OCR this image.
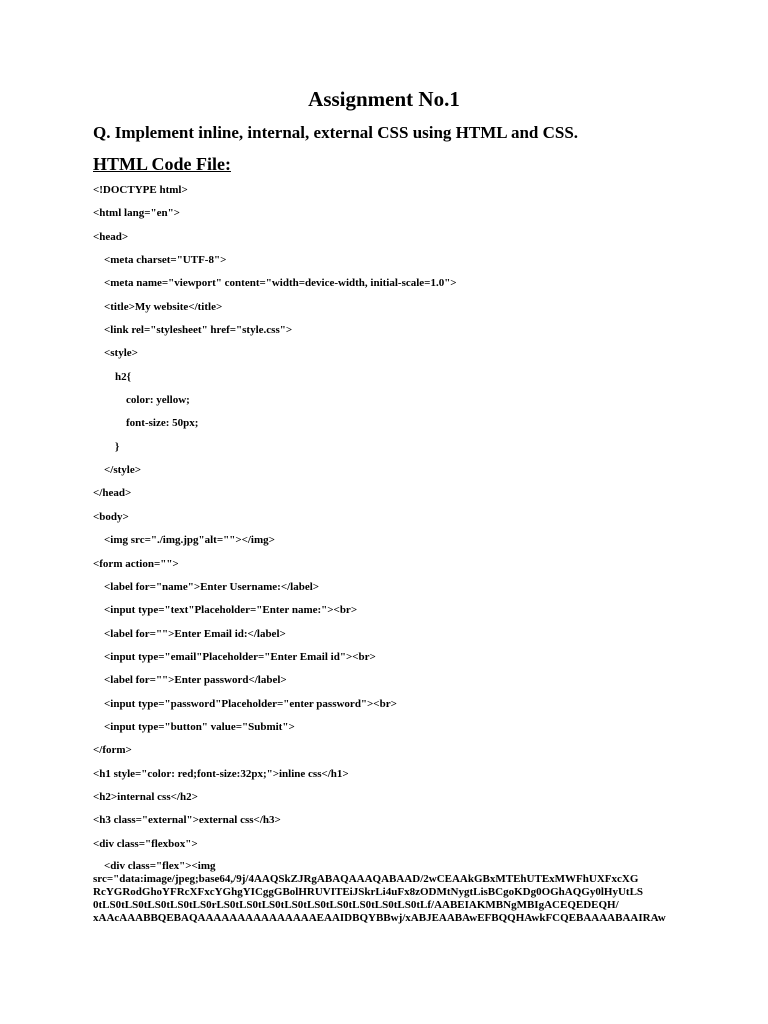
Assignment No.1
Q. Implement inline, internal, external CSS using HTML and CSS.
HTML Code File:
<!DOCTYPE html>
<html lang="en">
<head>
<meta charset="UTF-8">
<meta name="viewport" content="width=device-width, initial-scale=1.0">
<title>My website</title>
<link rel="stylesheet" href="style.css">
<style>
h2{
color: yellow;
font-size: 50px;
}
</style>
</head>
<body>
<img src="./img.jpg"alt=""></img>
<form action="">
<label for="name">Enter Username:</label>
<input type="text"Placeholder="Enter name:"><br>
<label for="">Enter Email id:</label>
<input type="email"Placeholder="Enter Email id"><br>
<label for="">Enter password</label>
<input type="password"Placeholder="enter password"><br>
<input type="button" value="Submit">
</form>
<h1 style="color: red;font-size:32px;">inline css</h1>
<h2>internal css</h2>
<h3 class="external">external css</h3>
<div class="flexbox">
<div class="flex"><img
src="data:image/jpeg;base64,/9j/4AAQSkZJRgABAQAAAQABAAD/2wCEAAkGBxMTEhUTExMWFhUXFxcXG
RcYGRodGhoYFRcXFxcYGhgYICggGBolHRUVITEiJSkrLi4uFx8zODMtNygtLisBCgoKDg0OGhAQGy0lHyUtLS
0tLS0tLS0tLS0tLS0tLS0rLS0tLS0tLS0tLS0tLS0tLS0tLS0tLS0tLS0tLf/AABEIAKMBNgMBIgACEQEDEQH/
xAAcAAABBQEBAQAAAAAAAAAAAAAAAEAAIDBQYBBwj/xABJEAABAwEFBQQHAwkFCQEBAAAABAAIRAw
